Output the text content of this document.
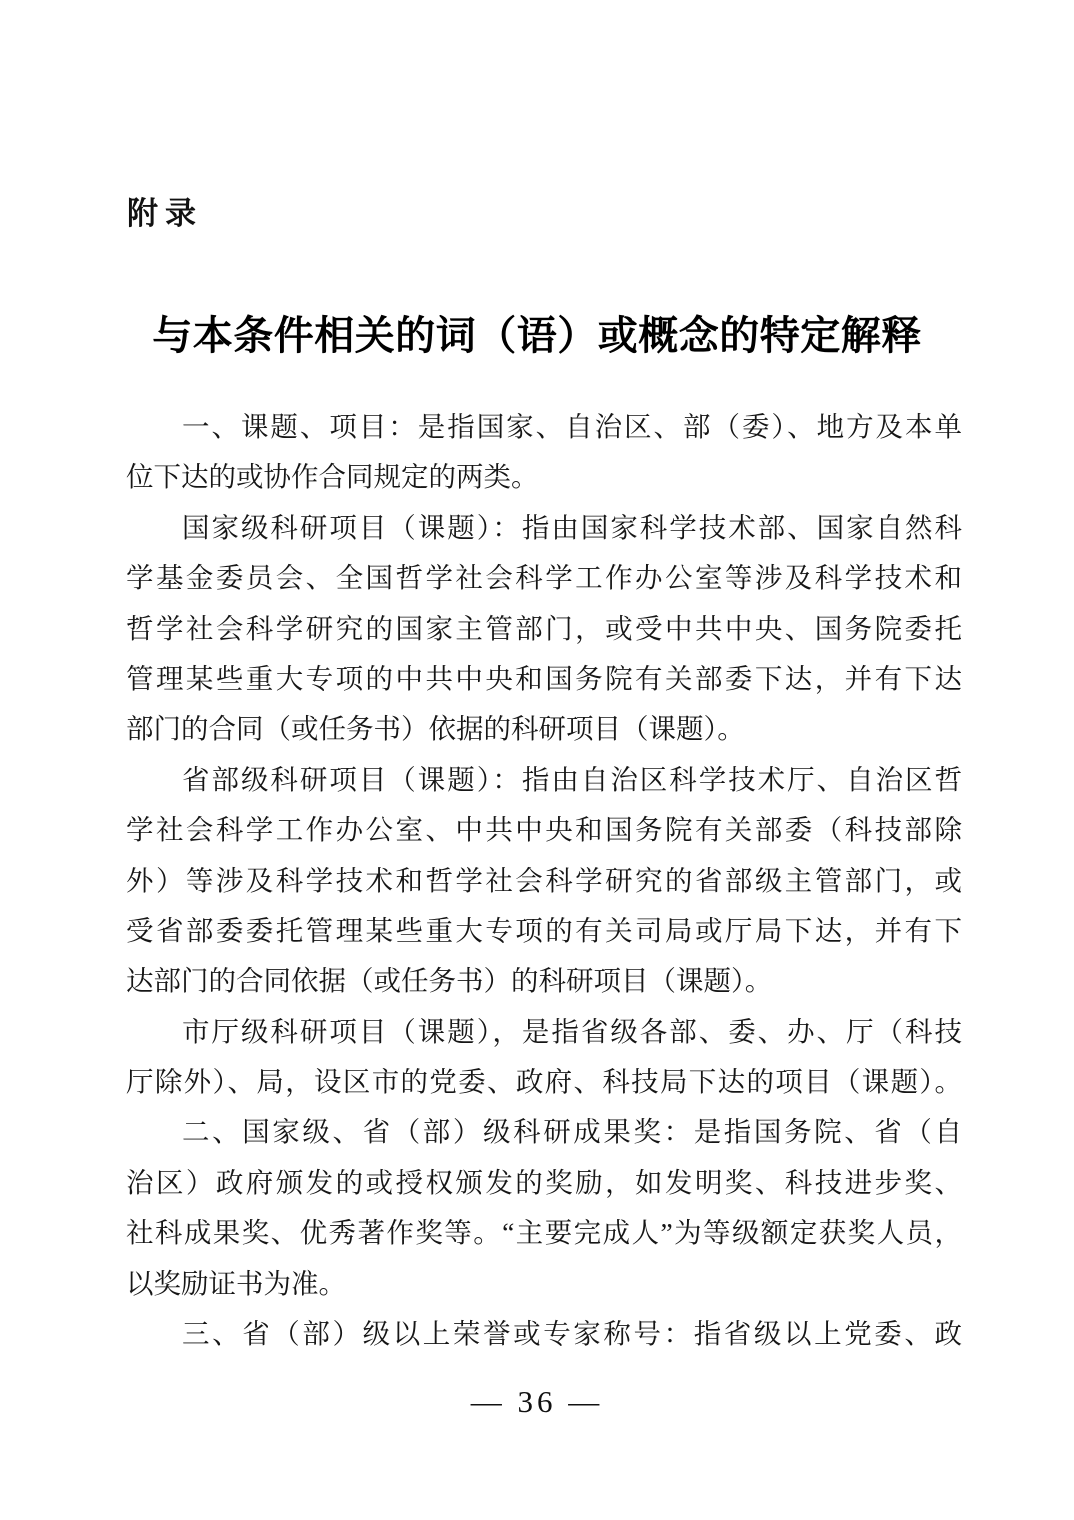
附录
与本条件相关的词（语）或概念的特定解释
一、课题、项目：是指国家、自治区、部（委）、地方及本单
位下达的或协作合同规定的两类。
国家级科研项目（课题）：指由国家科学技术部、国家自然科
学基金委员会、全国哲学社会科学工作办公室等涉及科学技术和
哲学社会科学研究的国家主管部门，或受中共中央、国务院委托
管理某些重大专项的中共中央和国务院有关部委下达，并有下达
部门的合同（或任务书）依据的科研项目（课题）。
省部级科研项目（课题）：指由自治区科学技术厅、自治区哲
学社会科学工作办公室、中共中央和国务院有关部委（科技部除
外）等涉及科学技术和哲学社会科学研究的省部级主管部门，或
受省部委委托管理某些重大专项的有关司局或厅局下达，并有下
达部门的合同依据（或任务书）的科研项目（课题）。
市厅级科研项目（课题），是指省级各部、委、办、厅（科技
厅除外）、局，设区市的党委、政府、科技局下达的项目（课题）。
二、国家级、省（部）级科研成果奖：是指国务院、省（自
治区）政府颁发的或授权颁发的奖励，如发明奖、科技进步奖、
社科成果奖、优秀著作奖等。“主要完成人”为等级额定获奖人员，
以奖励证书为准。
三、省（部）级以上荣誉或专家称号：指省级以上党委、政
— 36 —
